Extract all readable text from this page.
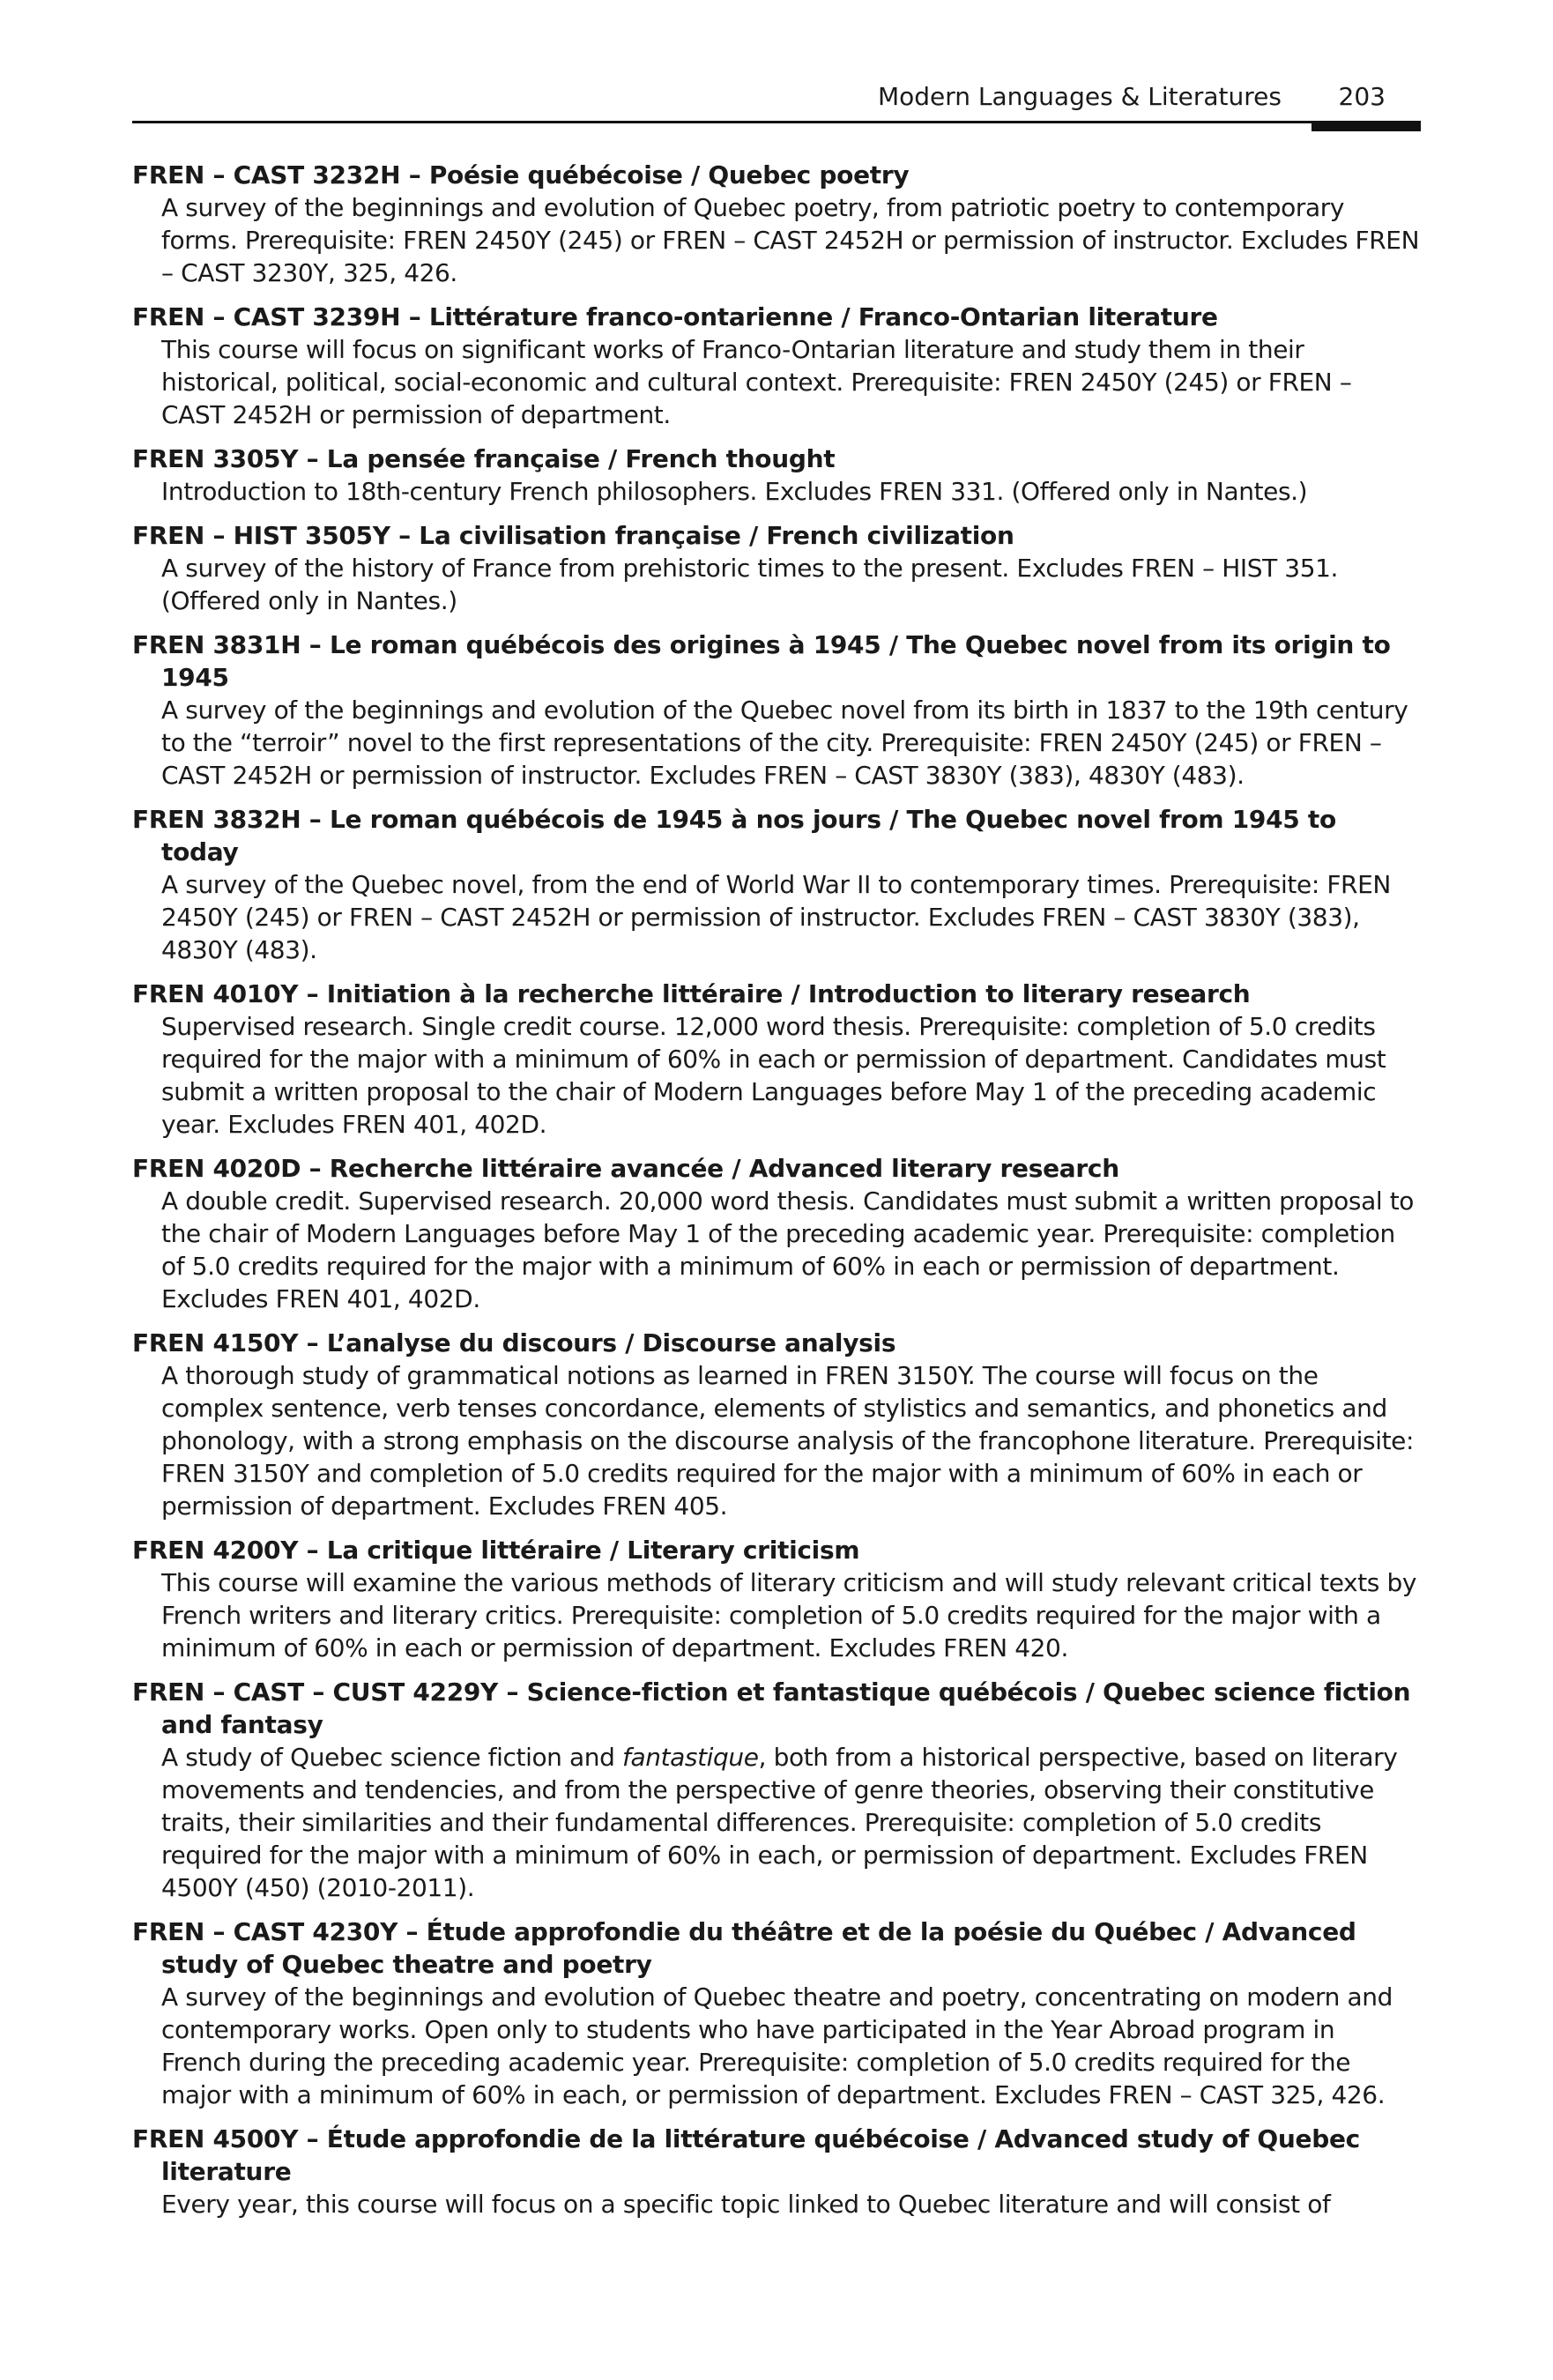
Modern Languages & Literatures 203
FREN – CAST 3232H – Poésie québécoise / Quebec poetry
A survey of the beginnings and evolution of Quebec poetry, from patriotic poetry to contemporary forms. Prerequisite: FREN 2450Y (245) or FREN – CAST 2452H or permission of instructor. Excludes FREN – CAST 3230Y, 325, 426.
FREN – CAST 3239H – Littérature franco-ontarienne / Franco-Ontarian literature
This course will focus on significant works of Franco-Ontarian literature and study them in their historical, political, social-economic and cultural context. Prerequisite: FREN 2450Y (245) or FREN – CAST 2452H or permission of department.
FREN 3305Y – La pensée française / French thought
Introduction to 18th-century French philosophers. Excludes FREN 331. (Offered only in Nantes.)
FREN – HIST 3505Y – La civilisation française / French civilization
A survey of the history of France from prehistoric times to the present. Excludes FREN – HIST 351. (Offered only in Nantes.)
FREN 3831H – Le roman québécois des origines à 1945 / The Quebec novel from its origin to 1945
A survey of the beginnings and evolution of the Quebec novel from its birth in 1837 to the 19th century to the “terroir” novel to the first representations of the city. Prerequisite: FREN 2450Y (245) or FREN – CAST 2452H or permission of instructor. Excludes FREN – CAST 3830Y (383), 4830Y (483).
FREN 3832H – Le roman québécois de 1945 à nos jours / The Quebec novel from 1945 to today
A survey of the Quebec novel, from the end of World War II to contemporary times. Prerequisite: FREN 2450Y (245) or FREN – CAST 2452H or permission of instructor. Excludes FREN – CAST 3830Y (383), 4830Y (483).
FREN 4010Y – Initiation à la recherche littéraire / Introduction to literary research
Supervised research. Single credit course. 12,000 word thesis. Prerequisite: completion of 5.0 credits required for the major with a minimum of 60% in each or permission of department. Candidates must submit a written proposal to the chair of Modern Languages before May 1 of the preceding academic year. Excludes FREN 401, 402D.
FREN 4020D – Recherche littéraire avancée / Advanced literary research
A double credit. Supervised research. 20,000 word thesis. Candidates must submit a written proposal to the chair of Modern Languages before May 1 of the preceding academic year. Prerequisite: completion of 5.0 credits required for the major with a minimum of 60% in each or permission of department. Excludes FREN 401, 402D.
FREN 4150Y – L’analyse du discours / Discourse analysis
A thorough study of grammatical notions as learned in FREN 3150Y. The course will focus on the complex sentence, verb tenses concordance, elements of stylistics and semantics, and phonetics and phonology, with a strong emphasis on the discourse analysis of the francophone literature. Prerequisite: FREN 3150Y and completion of 5.0 credits required for the major with a minimum of 60% in each or permission of department. Excludes FREN 405.
FREN 4200Y – La critique littéraire / Literary criticism
This course will examine the various methods of literary criticism and will study relevant critical texts by French writers and literary critics. Prerequisite: completion of 5.0 credits required for the major with a minimum of 60% in each or permission of department. Excludes FREN 420.
FREN – CAST – CUST 4229Y – Science-fiction et fantastique québécois / Quebec science fiction and fantasy
A study of Quebec science fiction and fantastique, both from a historical perspective, based on literary movements and tendencies, and from the perspective of genre theories, observing their constitutive traits, their similarities and their fundamental differences. Prerequisite: completion of 5.0 credits required for the major with a minimum of 60% in each, or permission of department. Excludes FREN 4500Y (450) (2010-2011).
FREN – CAST 4230Y – Étude approfondie du théâtre et de la poésie du Québec / Advanced study of Quebec theatre and poetry
A survey of the beginnings and evolution of Quebec theatre and poetry, concentrating on modern and contemporary works. Open only to students who have participated in the Year Abroad program in French during the preceding academic year. Prerequisite: completion of 5.0 credits required for the major with a minimum of 60% in each, or permission of department. Excludes FREN – CAST 325, 426.
FREN 4500Y – Étude approfondie de la littérature québécoise / Advanced study of Quebec literature
Every year, this course will focus on a specific topic linked to Quebec literature and will consist of
